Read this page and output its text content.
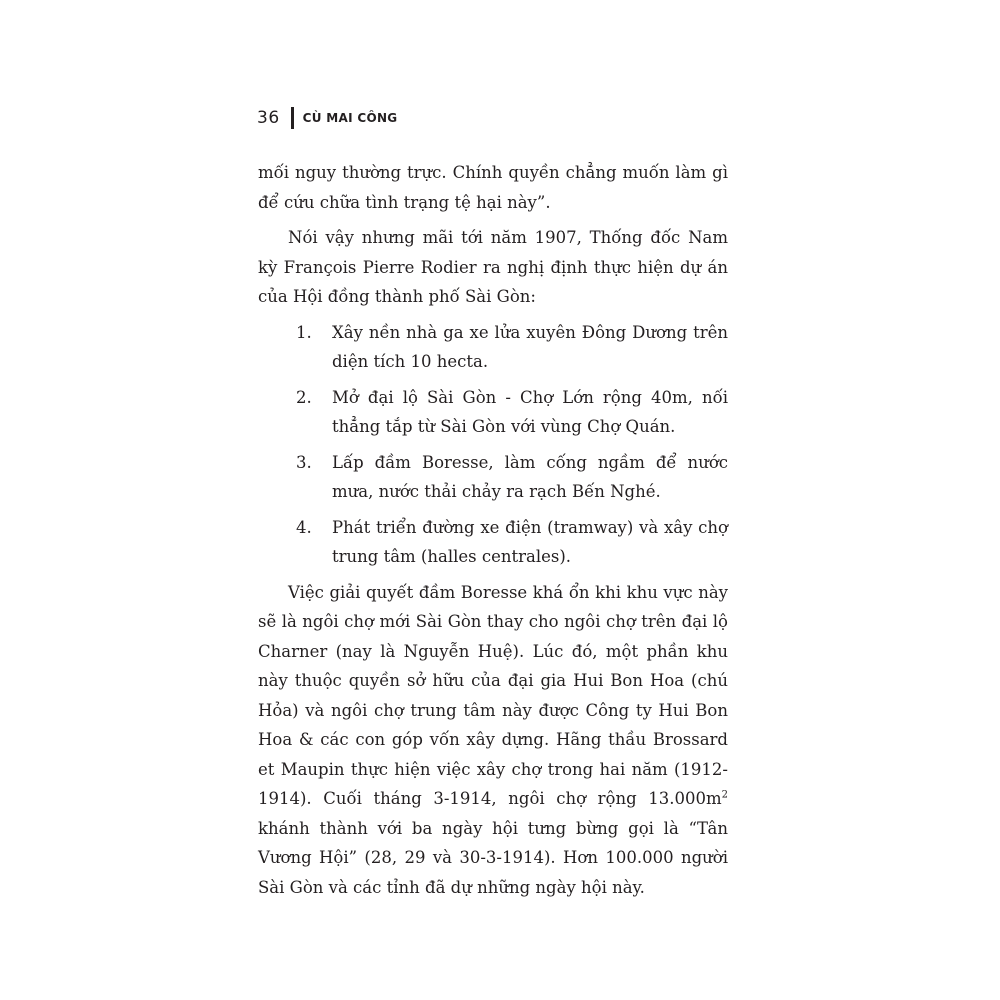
36 CÙ MAI CÔNG

mối nguy thường trực. Chính quyền chẳng muốn làm gì để cứu chữa tình trạng tệ hại này”.

Nói vậy nhưng mãi tới năm 1907, Thống đốc Nam kỳ François Pierre Rodier ra nghị định thực hiện dự án của Hội đồng thành phố Sài Gòn:

1.	Xây nền nhà ga xe lửa xuyên Đông Dương trên diện tích 10 hecta.
2.	Mở đại lộ Sài Gòn - Chợ Lớn rộng 40m, nối thẳng tắp từ Sài Gòn với vùng Chợ Quán.
3.	Lấp đầm Boresse, làm cống ngầm để nước mưa, nước thải chảy ra rạch Bến Nghé.
4.	Phát triển đường xe điện (tramway) và xây chợ trung tâm (halles centrales).

Việc giải quyết đầm Boresse khá ổn khi khu vực này sẽ là ngôi chợ mới Sài Gòn thay cho ngôi chợ trên đại lộ Charner (nay là Nguyễn Huệ). Lúc đó, một phần khu này thuộc quyền sở hữu của đại gia Hui Bon Hoa (chú Hỏa) và ngôi chợ trung tâm này được Công ty Hui Bon Hoa & các con góp vốn xây dựng. Hãng thầu Brossard et Maupin thực hiện việc xây chợ trong hai năm (1912-1914). Cuối tháng 3-1914, ngôi chợ rộng $13.000m^2$ khánh thành với ba ngày hội tưng bừng gọi là “Tân Vương Hội” (28, 29 và 30-3-1914). Hơn 100.000 người Sài Gòn và các tỉnh đã dự những ngày hội này.
